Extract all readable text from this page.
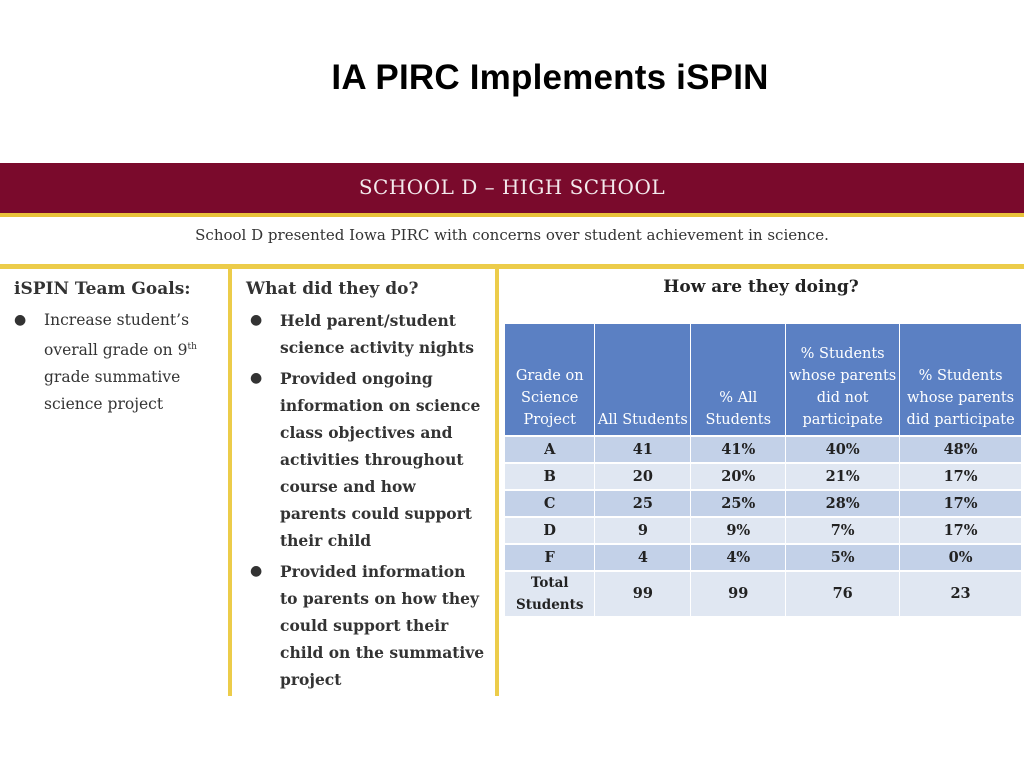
IA PIRC Implements iSPIN
SCHOOL D – HIGH SCHOOL
School D presented Iowa PIRC with concerns over student achievement in science.
iSPIN Team Goals:
● Increase student’s overall grade on 9th grade summative science project
What did they do?
● Held parent/student science activity nights
● Provided ongoing information on science class objectives and activities throughout course and how parents could support their child
● Provided information to parents on how they could support their child on the summative project
How are they doing?
Grade on Science Project	All Students	% All Students	% Students whose parents did not participate	% Students whose parents did participate
A	41	41%	40%	48%
B	20	20%	21%	17%
C	25	25%	28%	17%
D	9	9%	7%	17%
F	4	4%	5%	0%
Total Students	99	99	76	23
